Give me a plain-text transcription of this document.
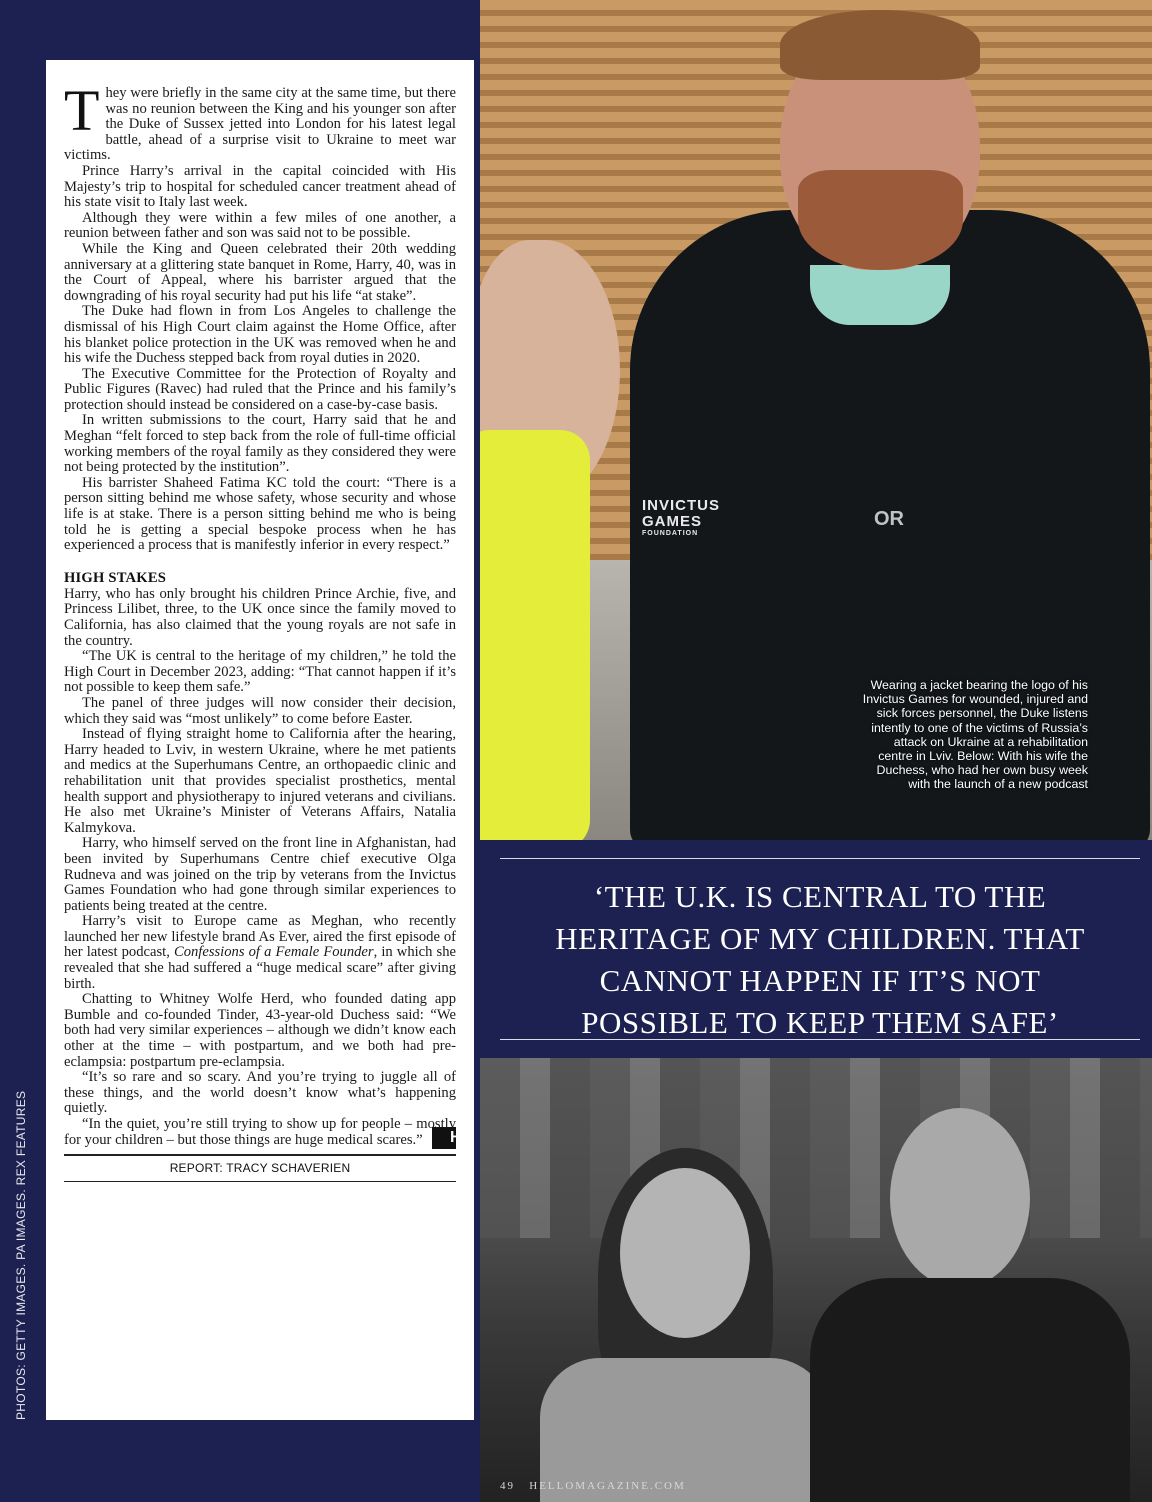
PHOTOS: GETTY IMAGES. PA IMAGES. REX FEATURES

They were briefly in the same city at the same time, but there was no reunion between the King and his younger son after the Duke of Sussex jetted into London for his latest legal battle, ahead of a surprise visit to Ukraine to meet war victims.

Prince Harry’s arrival in the capital coincided with His Majesty’s trip to hospital for scheduled cancer treatment ahead of his state visit to Italy last week.

Although they were within a few miles of one another, a reunion between father and son was said not to be possible.

While the King and Queen celebrated their 20th wedding anniversary at a glittering state banquet in Rome, Harry, 40, was in the Court of Appeal, where his barrister argued that the downgrading of his royal security had put his life “at stake”.

The Duke had flown in from Los Angeles to challenge the dismissal of his High Court claim against the Home Office, after his blanket police protection in the UK was removed when he and his wife the Duchess stepped back from royal duties in 2020.

The Executive Committee for the Protection of Royalty and Public Figures (Ravec) had ruled that the Prince and his family’s protection should instead be considered on a case-by-case basis.

In written submissions to the court, Harry said that he and Meghan “felt forced to step back from the role of full-time official working members of the royal family as they considered they were not being protected by the institution”.

His barrister Shaheed Fatima KC told the court: “There is a person sitting behind me whose safety, whose security and whose life is at stake. There is a person sitting behind me who is being told he is getting a special bespoke process when he has experienced a process that is manifestly inferior in every respect.”

HIGH STAKES

Harry, who has only brought his children Prince Archie, five, and Princess Lilibet, three, to the UK once since the family moved to California, has also claimed that the young royals are not safe in the country.

“The UK is central to the heritage of my children,” he told the High Court in December 2023, adding: “That cannot happen if it’s not possible to keep them safe.”

The panel of three judges will now consider their decision, which they said was “most unlikely” to come before Easter.

Instead of flying straight home to California after the hearing, Harry headed to Lviv, in western Ukraine, where he met patients and medics at the Superhumans Centre, an orthopaedic clinic and rehabilitation unit that provides specialist prosthetics, mental health support and physiotherapy to injured veterans and civilians. He also met Ukraine’s Minister of Veterans Affairs, Natalia Kalmykova.

Harry, who himself served on the front line in Afghanistan, had been invited by Superhumans Centre chief executive Olga Rudneva and was joined on the trip by veterans from the Invictus Games Foundation who had gone through similar experiences to patients being treated at the centre.

Harry’s visit to Europe came as Meghan, who recently launched her new lifestyle brand As Ever, aired the first episode of her latest podcast, Confessions of a Female Founder, in which she revealed that she had suffered a “huge medical scare” after giving birth.

Chatting to Whitney Wolfe Herd, who founded dating app Bumble and co-founded Tinder, 43-year-old Duchess said: “We both had very similar experiences – although we didn’t know each other at the time – with postpartum, and we both had pre-eclampsia: postpartum pre-eclampsia.

“It’s so rare and so scary. And you’re trying to juggle all of these things, and the world doesn’t know what’s happening quietly.

“In the quiet, you’re still trying to show up for people – mostly for your children – but those things are huge medical scares.”	H

REPORT: TRACY SCHAVERIEN
INVICTUS
GAMES
FOUNDATION
OR
Wearing a jacket bearing the logo of his Invictus Games for wounded, injured and sick forces personnel, the Duke listens intently to one of the victims of Russia’s attack on Ukraine at a rehabilitation centre in Lviv. Below: With his wife the Duchess, who had her own busy week with the launch of a new podcast
‘THE U.K. IS CENTRAL TO THE
HERITAGE OF MY CHILDREN. THAT
CANNOT HAPPEN IF IT’S NOT
POSSIBLE TO KEEP THEM SAFE’
49 HELLOMAGAZINE.COM
